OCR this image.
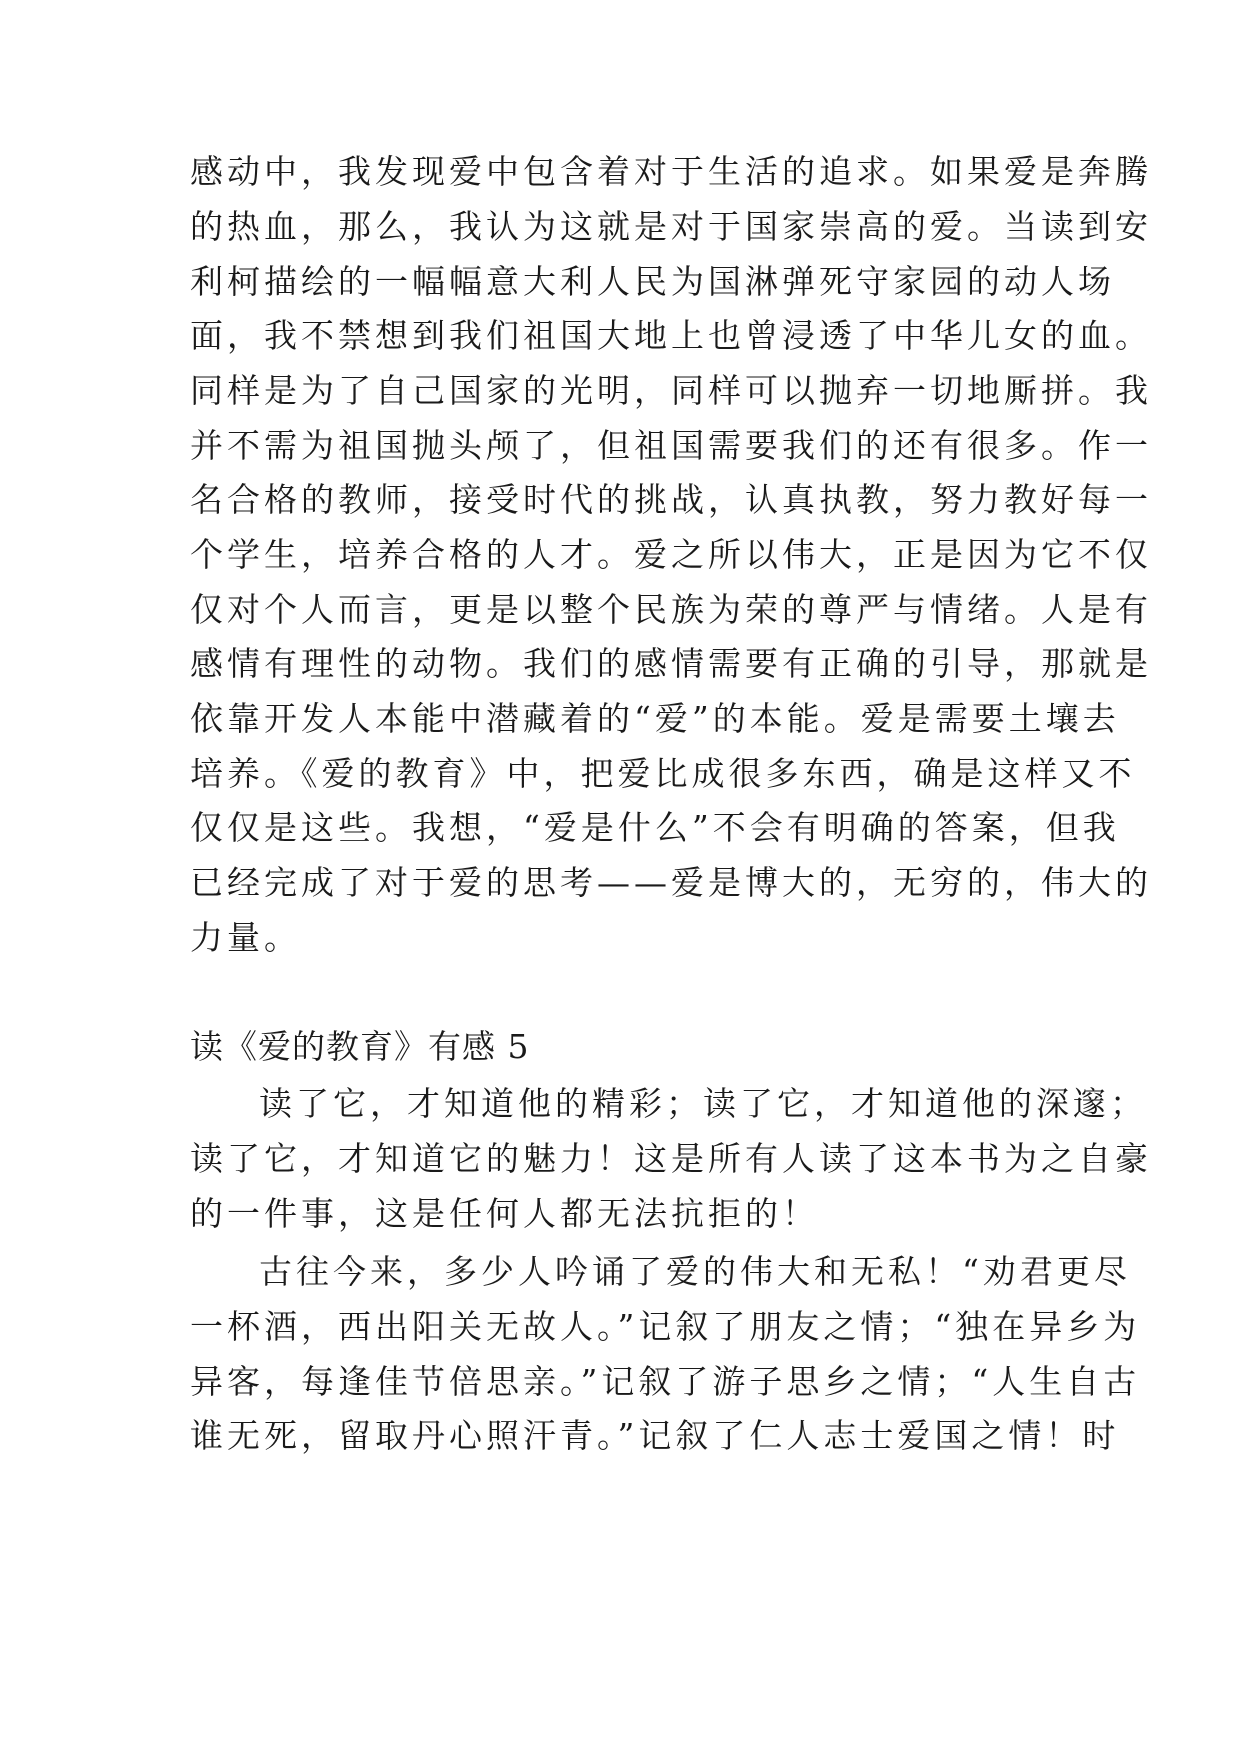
感动中，我发现爱中包含着对于生活的追求。如果爱是奔腾

的热血，那么，我认为这就是对于国家崇高的爱。当读到安

利柯描绘的一幅幅意大利人民为国淋弹死守家园的动人场

面，我不禁想到我们祖国大地上也曾浸透了中华儿女的血。

同样是为了自己国家的光明，同样可以抛弃一切地厮拼。我

并不需为祖国抛头颅了，但祖国需要我们的还有很多。作一

名合格的教师，接受时代的挑战，认真执教，努力教好每一

个学生，培养合格的人才。爱之所以伟大，正是因为它不仅

仅对个人而言，更是以整个民族为荣的尊严与情绪。人是有

感情有理性的动物。我们的感情需要有正确的引导，那就是

依靠开发人本能中潜藏着的“爱”的本能。爱是需要土壤去

培养。《爱的教育》中，把爱比成很多东西，确是这样又不

仅仅是这些。我想，“爱是什么”不会有明确的答案，但我

已经完成了对于爱的思考——爱是博大的，无穷的，伟大的

力量。

读《爱的教育》有感 5

读了它，才知道他的精彩；读了它，才知道他的深邃；

读了它，才知道它的魅力！这是所有人读了这本书为之自豪

的一件事，这是任何人都无法抗拒的！

古往今来，多少人吟诵了爱的伟大和无私！“劝君更尽

一杯酒，西出阳关无故人。”记叙了朋友之情；“独在异乡为

异客，每逢佳节倍思亲。”记叙了游子思乡之情；“人生自古

谁无死，留取丹心照汗青。”记叙了仁人志士爱国之情！时
